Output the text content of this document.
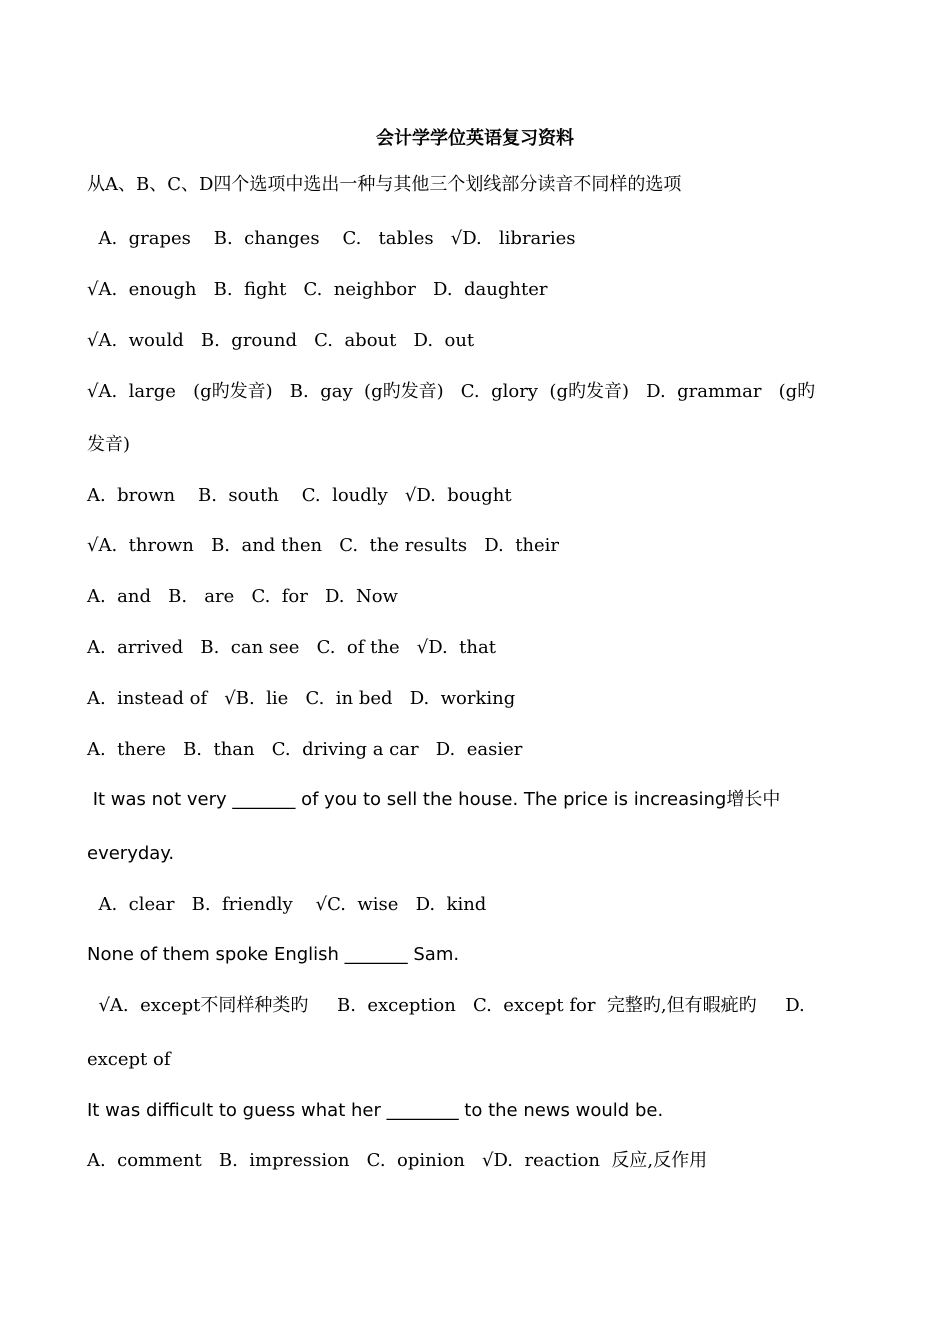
会计学学位英语复习资料
从A、B、C、D四个选项中选出一种与其他三个划线部分读音不同样的选项
A.  grapes    B.  changes    C.   tables   √D.   libraries
√A.  enough   B.  fight   C.  neighbor   D.  daughter
√A.  would   B.  ground   C.  about   D.  out
√A.  large   (g旳发音)   B.  gay  (g旳发音)   C.  glory  (g旳发音)   D.  grammar   (g旳
发音)
A.  brown    B.  south    C.  loudly   √D.  bought
√A.  thrown   B.  and then   C.  the results   D.  their
A.  and   B.   are   C.  for   D.  Now
A.  arrived   B.  can see   C.  of the   √D.  that
A.  instead of   √B.  lie   C.  in bed   D.  working
A.  there   B.  than   C.  driving a car   D.  easier
It was not very _______ of you to sell the house. The price is increasing增长中
everyday.
A.  clear   B.  friendly    √C.  wise   D.  kind
None of them spoke English _______ Sam.
√A.  except不同样种类旳     B.  exception   C.  except for  完整旳,但有暇疵旳     D.
except of
It was difficult to guess what her ________ to the news would be.
A.  comment   B.  impression   C.  opinion   √D.  reaction  反应,反作用
